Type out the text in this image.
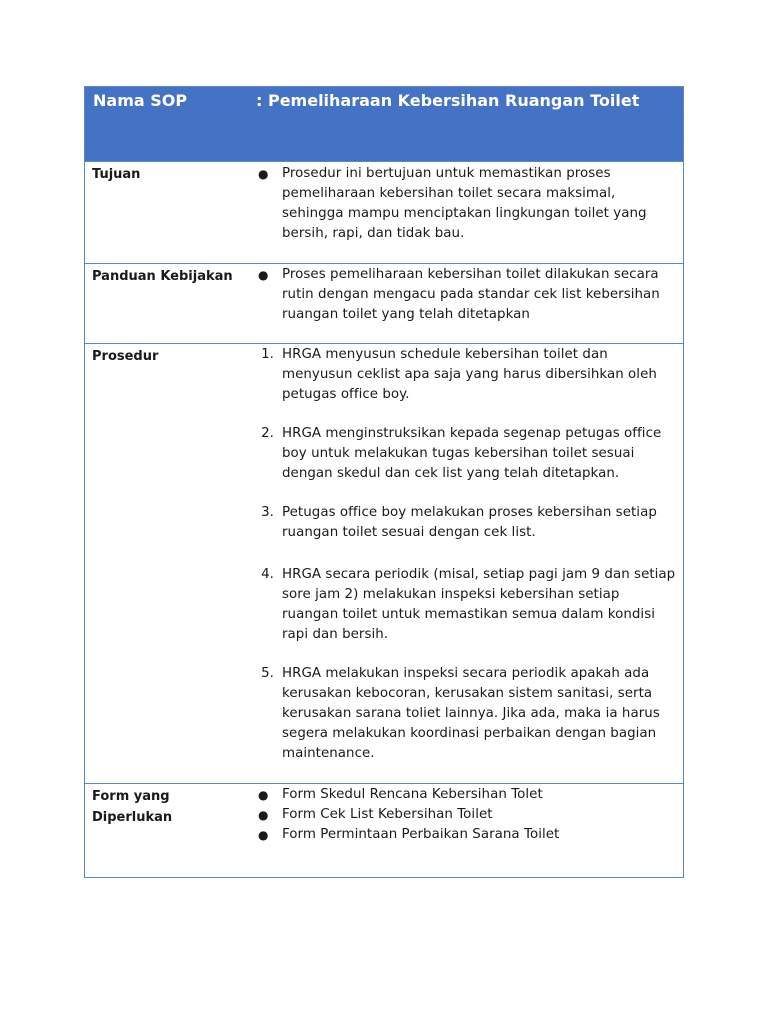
Nama SOP	: Pemeliharaan Kebersihan Ruangan Toilet
Tujuan
Panduan Kebijakan
Prosedur
Form yang
Diperlukan
● Prosedur ini bertujuan untuk memastikan proses pemeliharaan kebersihan toilet secara maksimal, sehingga mampu menciptakan lingkungan toilet yang bersih, rapi, dan tidak bau.
● Proses pemeliharaan kebersihan toilet dilakukan secara rutin dengan mengacu pada standar cek list kebersihan ruangan toilet yang telah ditetapkan
1. HRGA menyusun schedule kebersihan toilet dan menyusun ceklist apa saja yang harus dibersihkan oleh petugas office boy.
2. HRGA menginstruksikan kepada segenap petugas office boy untuk melakukan tugas kebersihan toilet sesuai dengan skedul dan cek list yang telah ditetapkan.
3. Petugas office boy melakukan proses kebersihan setiap ruangan toilet sesuai dengan cek list.
4. HRGA secara periodik (misal, setiap pagi jam 9 dan setiap sore jam 2) melakukan inspeksi kebersihan setiap ruangan toilet untuk memastikan semua dalam kondisi rapi dan bersih.
5. HRGA melakukan inspeksi secara periodik apakah ada kerusakan kebocoran, kerusakan sistem sanitasi, serta kerusakan sarana toliet lainnya. Jika ada, maka ia harus segera melakukan koordinasi perbaikan dengan bagian maintenance.
● Form Skedul Rencana Kebersihan Tolet
● Form Cek List Kebersihan Toilet
● Form Permintaan Perbaikan Sarana Toilet
